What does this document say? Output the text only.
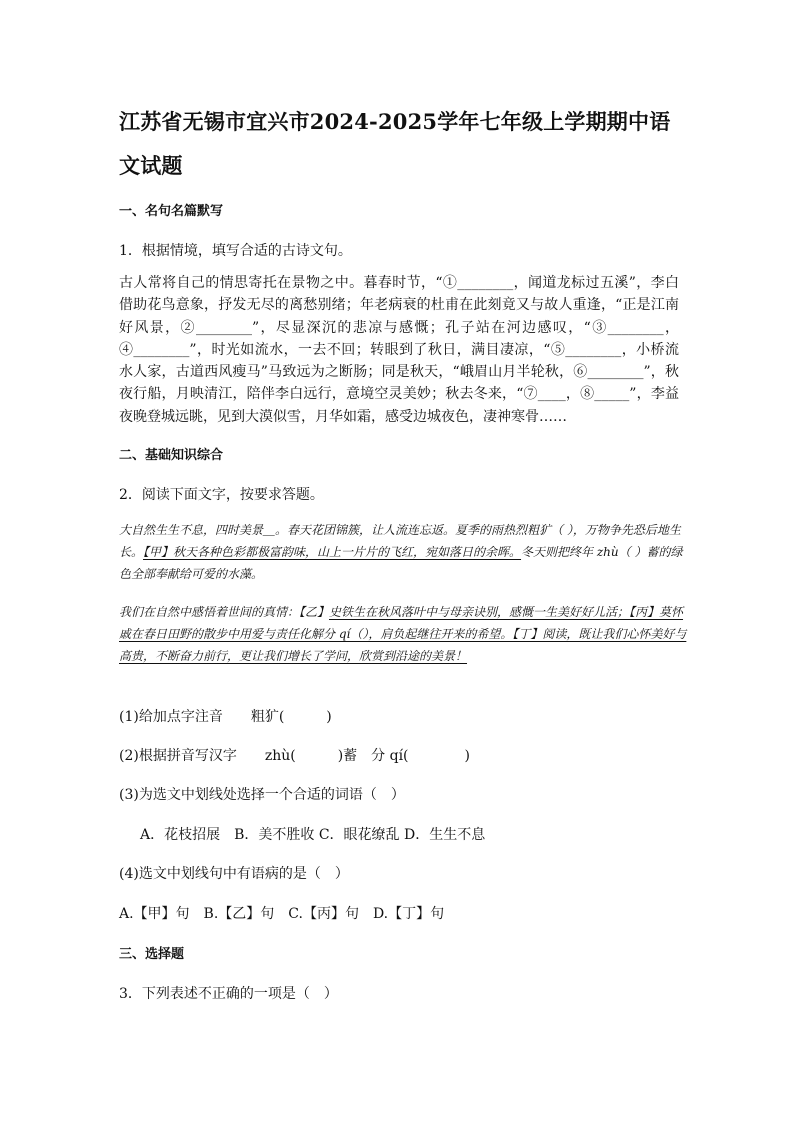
江苏省无锡市宜兴市2024-2025学年七年级上学期期中语文试题
一、名句名篇默写
1．根据情境，填写合适的古诗文句。
古人常将自己的情思寄托在景物之中。暮春时节，“①________，闻道龙标过五溪”，李白借助花鸟意象，抒发无尽的离愁别绪；年老病衰的杜甫在此刻竟又与故人重逢，“正是江南好风景，②________”，尽显深沉的悲凉与感慨；孔子站在河边感叹，“③________，④________”，时光如流水，一去不回；转眼到了秋日，满目凄凉，“⑤________，小桥流水人家，古道西风瘦马”马致远为之断肠；同是秋天，“峨眉山月半轮秋，⑥________”，秋夜行船，月映清江，陪伴李白远行，意境空灵美妙；秋去冬来，“⑦____，⑧_____”，李益夜晚登城远眺，见到大漠似雪，月华如霜，感受边城夜色，凄神寒骨……
二、基础知识综合
2．阅读下面文字，按要求答题。
大自然生生不息，四时美景＿。春天花团锦簇，让人流连忘返。夏季的雨热烈粗犷（ ），万物争先恐后地生长。【甲】秋天各种色彩都极富韵味，山上一片片的飞红，宛如落日的余晖。冬天则把终年 zhù（ ）蓄的绿色全部奉献给可爱的水藻。
我们在自然中感悟着世间的真情：【乙】史铁生在秋风落叶中与母亲诀别，感慨一生美好好儿活；【丙】莫怀戚在春日田野的散步中用爱与责任化解分 qí（），肩负起继往开来的希望。【丁】阅读，既让我们心怀美好与高贵，不断奋力前行，更让我们增长了学问，欣赏到沿途的美景！
(1)给加点字注音　　粗犷(　　　)
(2)根据拼音写汉字　　zhù(　　　)蓄　分 qí(　　　　)
(3)为选文中划线处选择一个合适的词语（　）
A．花枝招展　B．美不胜收 C．眼花缭乱 D．生生不息
(4)选文中划线句中有语病的是（　）
A.【甲】句　B.【乙】句　C.【丙】句　D.【丁】句
三、选择题
3．下列表述不正确的一项是（　）
